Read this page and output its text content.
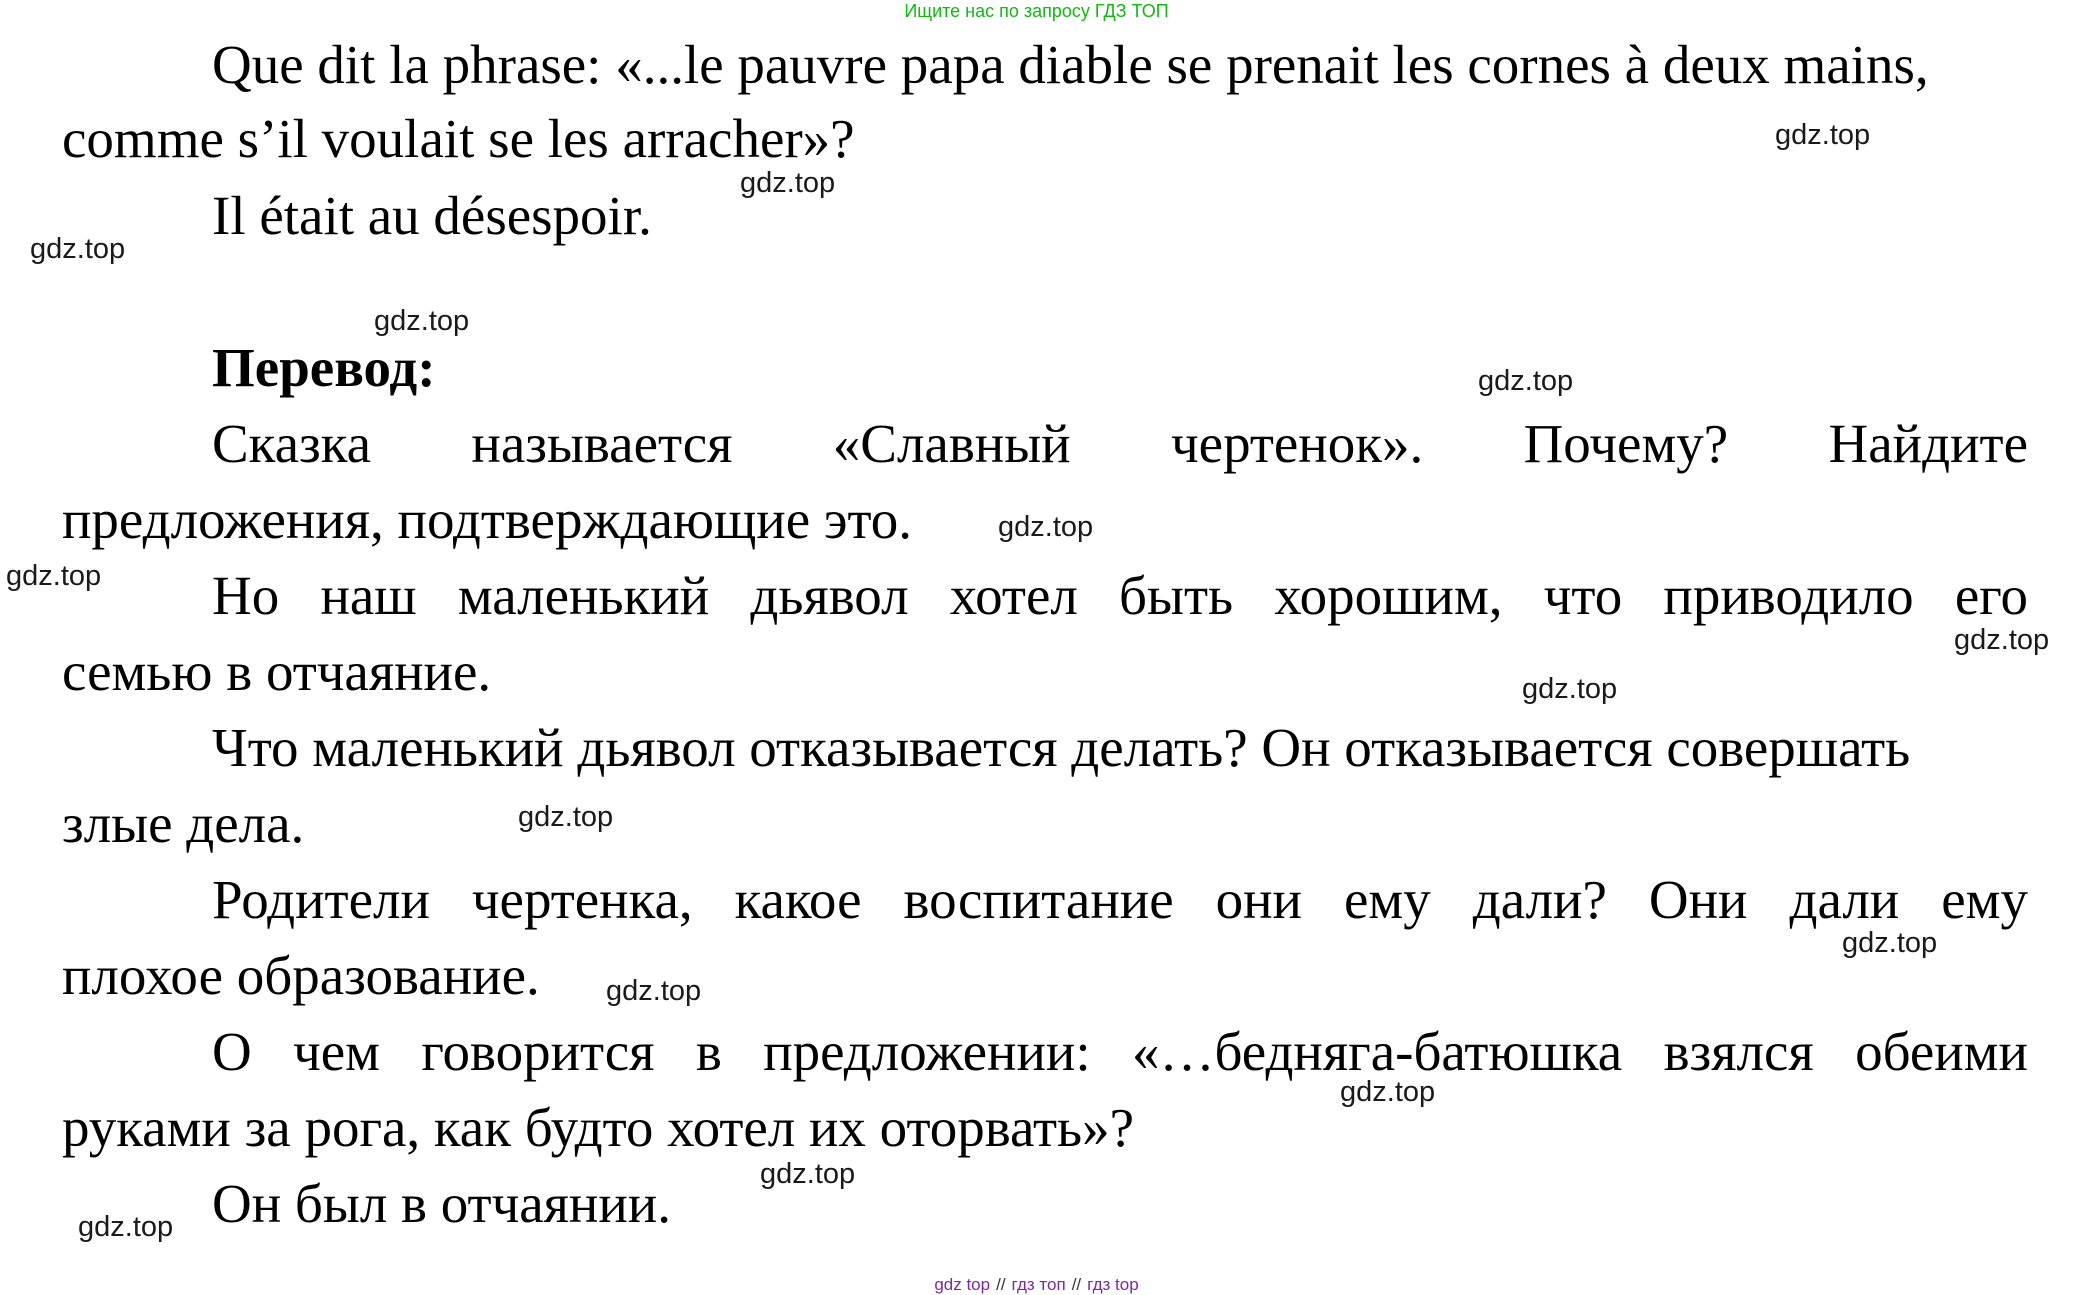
Ищите нас по запросу ГДЗ ТОП
Que dit la phrase: «...le pauvre papa diable se prenait les cornes à deux mains,
comme s’il voulait se les arracher»?
Il était au désespoir.
Перевод:
Сказка называется «Славный чертенок». Почему? Найдите
предложения, подтверждающие это.
Но наш маленький дьявол хотел быть хорошим, что приводило его
семью в отчаяние.
Что маленький дьявол отказывается делать? Он отказывается совершать
злые дела.
Родители чертенка, какое воспитание они ему дали? Они дали ему
плохое образование.
О чем говорится в предложении: «…бедняга-батюшка взялся обеими
руками за рога, как будто хотел их оторвать»?
Он был в отчаянии.
gdz.top
gdz.top
gdz.top
gdz.top
gdz.top
gdz.top
gdz.top
gdz.top
gdz.top
gdz.top
gdz.top
gdz.top
gdz.top
gdz.top
gdz.top
gdz top // гдз топ // гдз top
